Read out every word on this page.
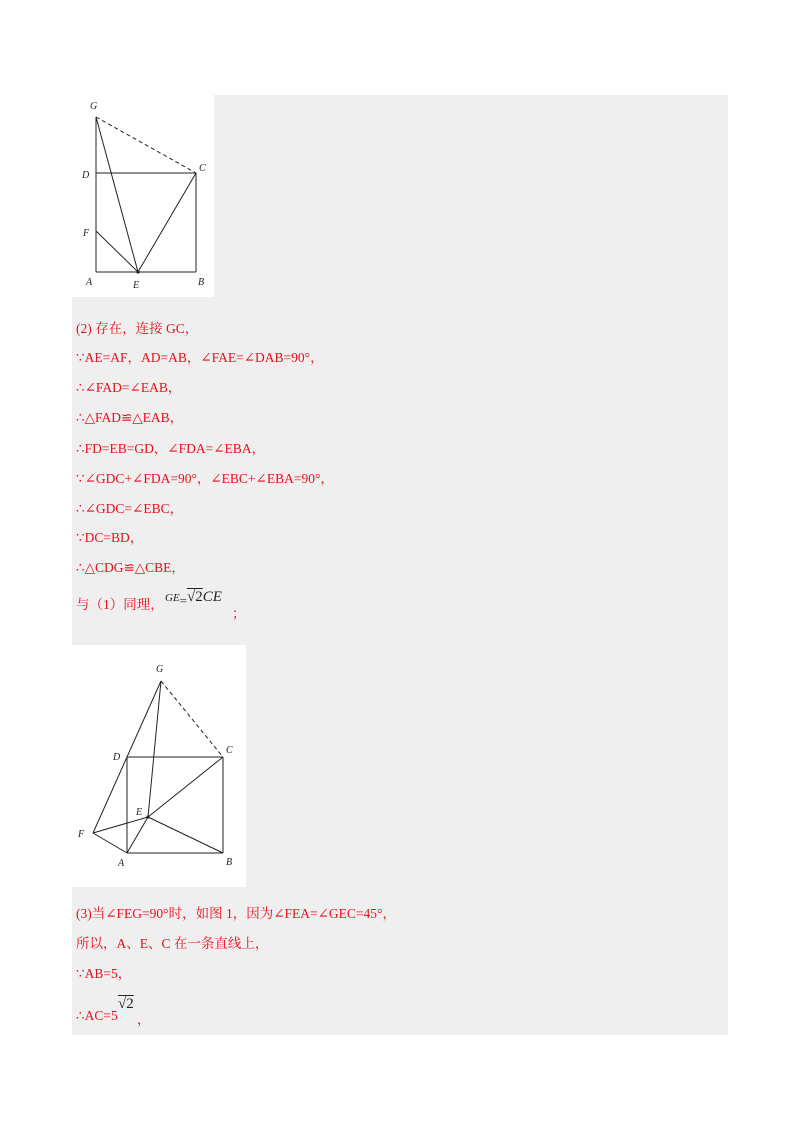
G
D
C
F
A	E	B
(2) 存在，连接 GC，
∵AE=AF，AD=AB，∠FAE=∠DAB=90°，
∴∠FAD=∠EAB，
∴△FAD≌△EAB，
∴FD=EB=GD，∠FDA=∠EBA，
∵∠GDC+∠FDA=90°，∠EBC+∠EBA=90°，
∴∠GDC=∠EBC，
∵DC=BD，
∴△CDG≌△CBE，
与（1）同理， $GE_=√2CE$
；
G
D
C
E
F
A	B
(3)当∠FEG=90°时，如图 1，因为∠FEA=∠GEC=45°，
所以，A、E、C 在一条直线上，
∵AB=5，
∴AC=5
√2
，
